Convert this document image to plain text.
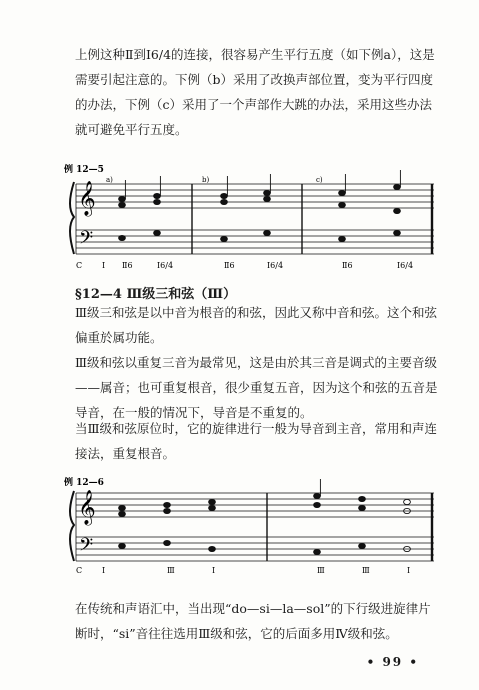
上例这种Ⅱ到Ⅰ6/4的连接，很容易产生平行五度（如下例a），这是需要引起注意的。下例（b）采用了改换声部位置，变为平行四度的办法，下例（c）采用了一个声部作大跳的办法，采用这些办法就可避免平行五度。

例 12—5
𝄞
𝄢
a)	b)	c)
C Ⅰ Ⅱ6	Ⅰ6/4	Ⅱ6	Ⅰ6/4	Ⅱ6	Ⅰ6/4

§12—4 Ⅲ级三和弦（Ⅲ）

Ⅲ级三和弦是以中音为根音的和弦，因此又称中音和弦。这个和弦偏重於属功能。

Ⅲ级和弦以重复三音为最常见，这是由於其三音是调式的主要音级——属音；也可重复根音，很少重复五音，因为这个和弦的五音是导音，在一般的情况下，导音是不重复的。

当Ⅲ级和弦原位时，它的旋律进行一般为导音到主音，常用和声连接法，重复根音。

例 12—6
𝄞
𝄢
C Ⅰ	Ⅲ	Ⅰ	Ⅲ	Ⅲ	Ⅰ

在传统和声语汇中，当出现“do—si—la—sol”的下行级进旋律片断时，“si”音往往选用Ⅲ级和弦，它的后面多用Ⅳ级和弦。

• 99 •
